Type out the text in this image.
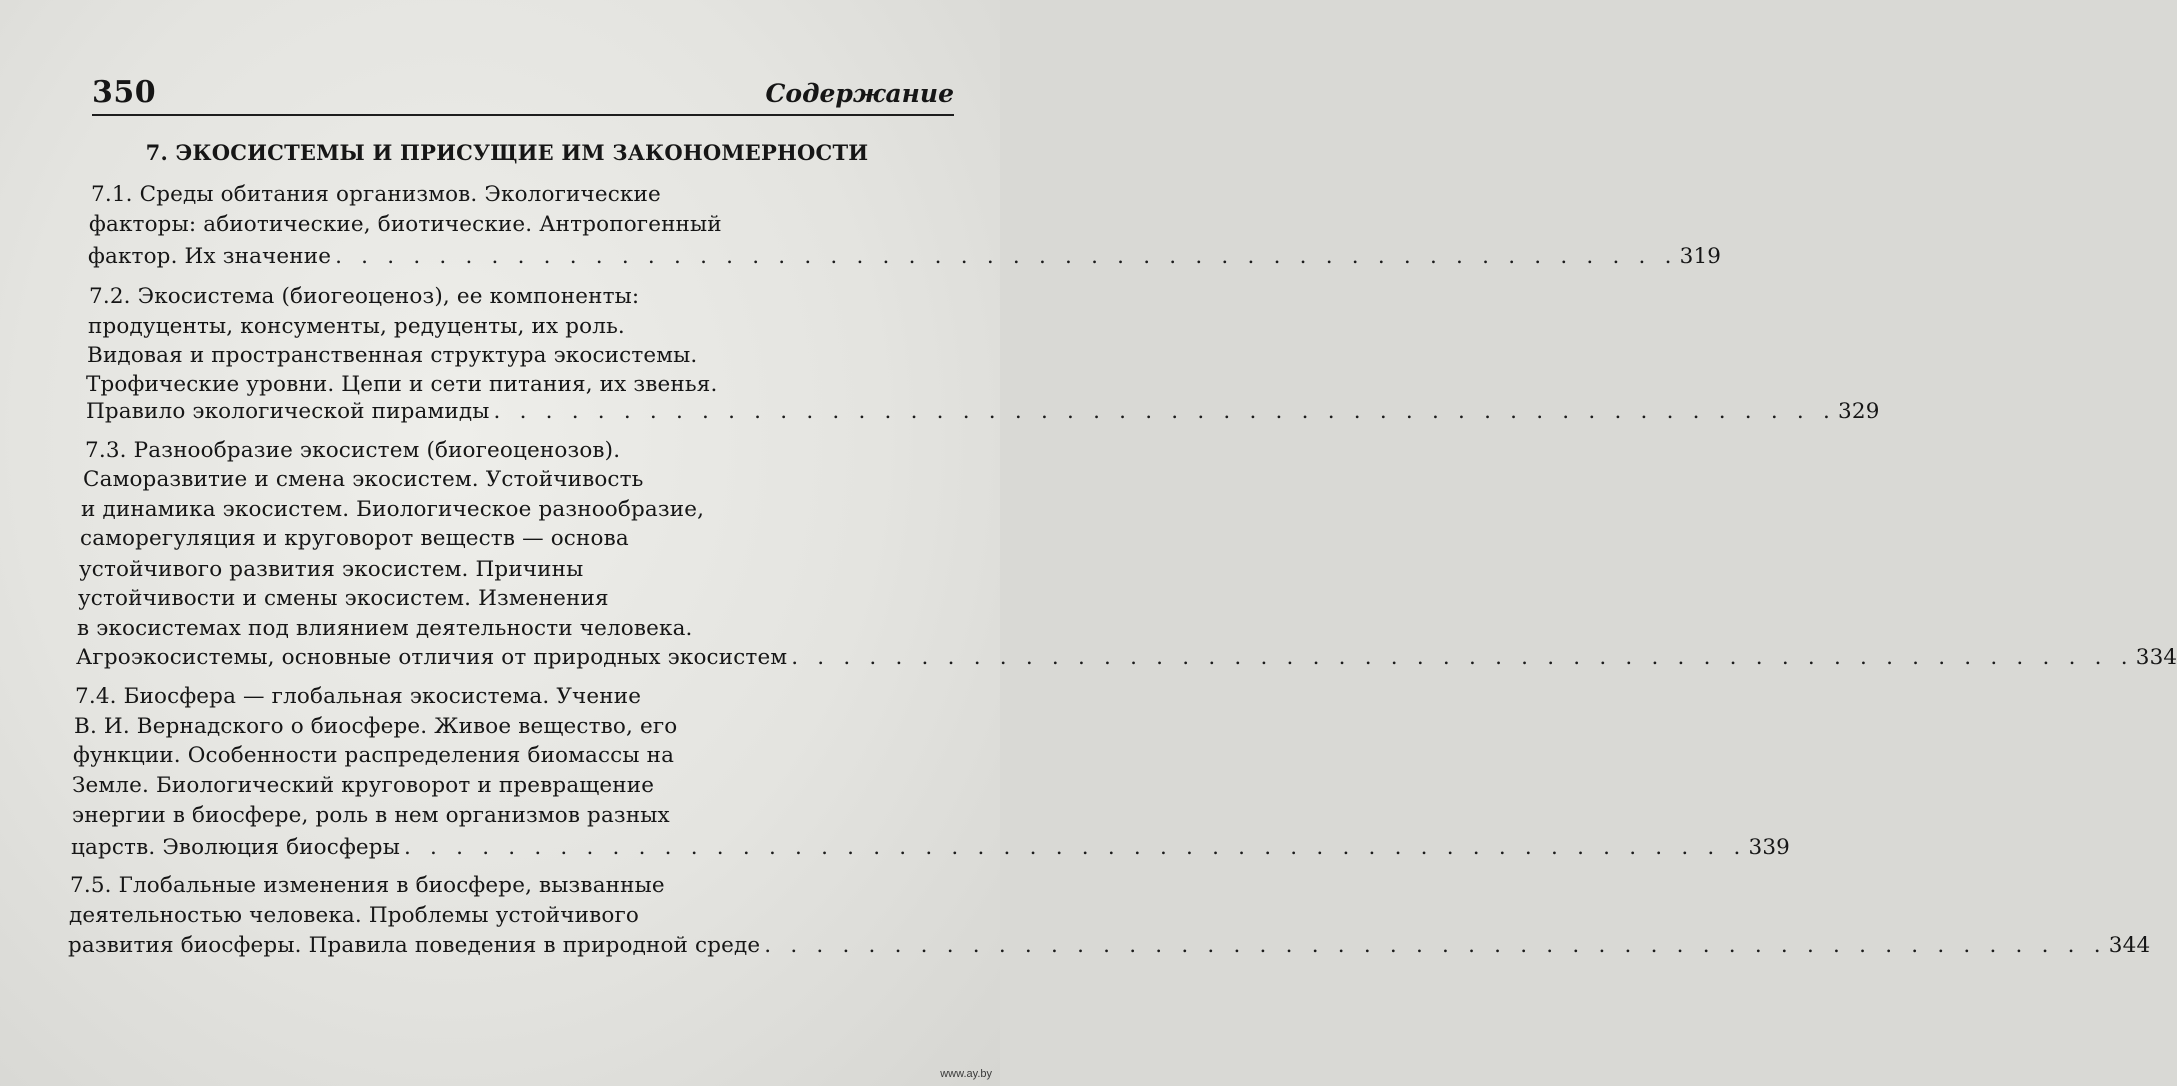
350	Содержание
7. ЭКОСИСТЕМЫ И ПРИСУЩИЕ ИМ ЗАКОНОМЕРНОСТИ
7.1. Среды обитания организмов. Экологические
факторы: абиотические, биотические. Антропогенный
фактор. Их значение . . . . . . . . . . . . . . . . . . . . . . . . . . . . . . . . . . . . . . . . . . . . . . . . . . . . 319
7.2. Экосистема (биогеоценоз), ее компоненты:
продуценты, консументы, редуценты, их роль.
Видовая и пространственная структура экосистемы.
Трофические уровни. Цепи и сети питания, их звенья.
Правило экологической пирамиды . . . . . . . . . . . . . . . . . . . . . . . . . . . . . . . . . . . . . . . . . . . . . . . . . . . . 329
7.3. Разнообразие экосистем (биогеоценозов).
Саморазвитие и смена экосистем. Устойчивость
и динамика экосистем. Биологическое разнообразие,
саморегуляция и круговорот веществ — основа
устойчивого развития экосистем. Причины
устойчивости и смены экосистем. Изменения
в экосистемах под влиянием деятельности человека.
Агроэкосистемы, основные отличия от природных экосистем . . . . . . . . . . . . . . . . . . . . . . . . . . . . . . . . . . . . . . . . . . . . . . . . . . . . 334
7.4. Биосфера — глобальная экосистема. Учение
В. И. Вернадского о биосфере. Живое вещество, его
функции. Особенности распределения биомассы на
Земле. Биологический круговорот и превращение
энергии в биосфере, роль в нем организмов разных
царств. Эволюция биосферы . . . . . . . . . . . . . . . . . . . . . . . . . . . . . . . . . . . . . . . . . . . . . . . . . . . . 339
7.5. Глобальные изменения в биосфере, вызванные
деятельностью человека. Проблемы устойчивого
развития биосферы. Правила поведения в природной среде . . . . . . . . . . . . . . . . . . . . . . . . . . . . . . . . . . . . . . . . . . . . . . . . . . . . 344
www.ay.by
